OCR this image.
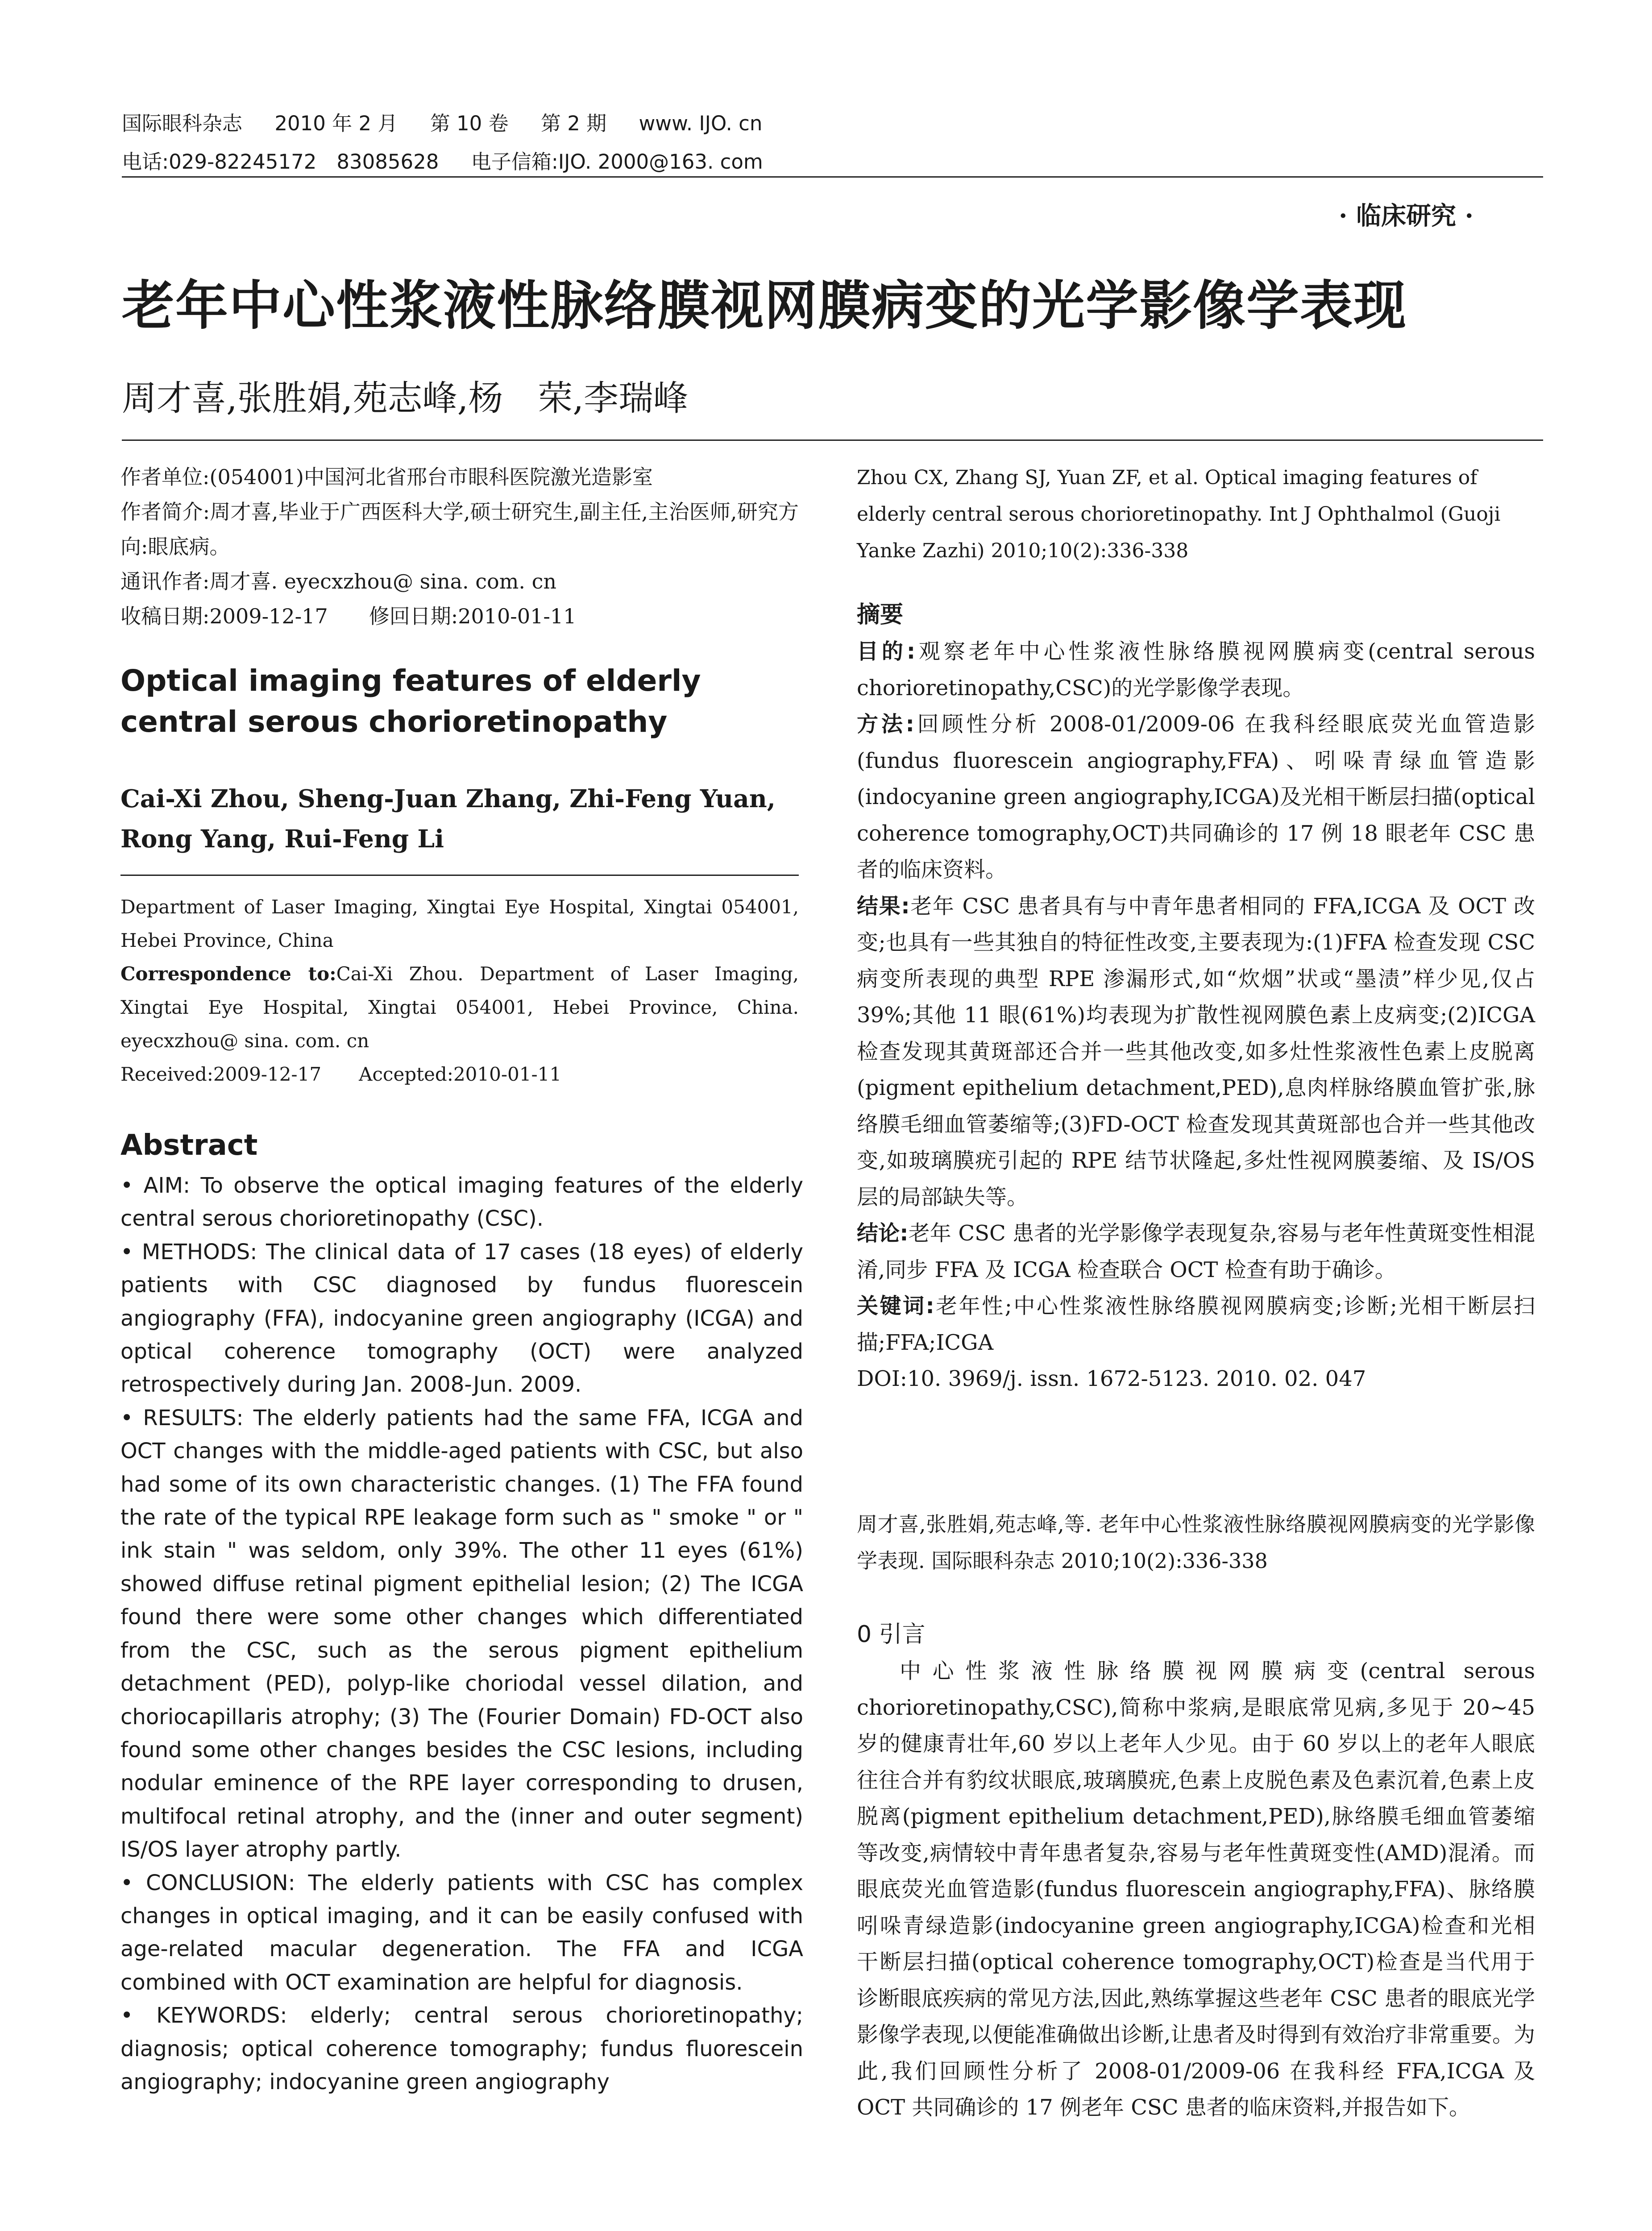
国际眼科杂志 2010 年 2 月 第 10 卷 第 2 期 www. IJO. cn
电话:029-82245172　83085628 电子信箱:IJO. 2000@163. com
· 临床研究 ·
老年中心性浆液性脉络膜视网膜病变的光学影像学表现
周才喜,张胜娟,苑志峰,杨　荣,李瑞峰

作者单位:(054001)中国河北省邢台市眼科医院激光造影室

作者简介:周才喜,毕业于广西医科大学,硕士研究生,副主任,主治医师,研究方向:眼底病。

通讯作者:周才喜. eyecxzhou@ sina. com. cn

收稿日期:2009-12-17　　修回日期:2010-01-11

Optical imaging features of elderly central serous chorioretinopathy
Cai-Xi Zhou, Sheng-Juan Zhang, Zhi-Feng Yuan, Rong Yang, Rui-Feng Li

Department of Laser Imaging, Xingtai Eye Hospital, Xingtai 054001, Hebei Province, China

Correspondence to:Cai-Xi Zhou. Department of Laser Imaging, Xingtai Eye Hospital, Xingtai 054001, Hebei Province, China. eyecxzhou@ sina. com. cn

Received:2009-12-17　　Accepted:2010-01-11

Abstract

• AIM: To observe the optical imaging features of the elderly central serous chorioretinopathy (CSC).

• METHODS: The clinical data of 17 cases (18 eyes) of elderly patients with CSC diagnosed by fundus fluorescein angiography (FFA), indocyanine green angiography (ICGA) and optical coherence tomography (OCT) were analyzed retrospectively during Jan. 2008-Jun. 2009.

• RESULTS: The elderly patients had the same FFA, ICGA and OCT changes with the middle-aged patients with CSC, but also had some of its own characteristic changes. (1) The FFA found the rate of the typical RPE leakage form such as " smoke " or " ink stain " was seldom, only 39%. The other 11 eyes (61%) showed diffuse retinal pigment epithelial lesion; (2) The ICGA found there were some other changes which differentiated from the CSC, such as the serous pigment epithelium detachment (PED), polyp-like choriodal vessel dilation, and choriocapillaris atrophy; (3) The (Fourier Domain) FD-OCT also found some other changes besides the CSC lesions, including nodular eminence of the RPE layer corresponding to drusen, multifocal retinal atrophy, and the (inner and outer segment) IS/OS layer atrophy partly.

• CONCLUSION: The elderly patients with CSC has complex changes in optical imaging, and it can be easily confused with age-related macular degeneration. The FFA and ICGA combined with OCT examination are helpful for diagnosis.

• KEYWORDS: elderly; central serous chorioretinopathy; diagnosis; optical coherence tomography; fundus fluorescein angiography; indocyanine green angiography

Zhou CX, Zhang SJ, Yuan ZF, et al. Optical imaging features of elderly central serous chorioretinopathy. Int J Ophthalmol (Guoji Yanke Zazhi) 2010;10(2):336-338
摘要

目的:观察老年中心性浆液性脉络膜视网膜病变(central serous chorioretinopathy,CSC)的光学影像学表现。

方法:回顾性分析 2008-01/2009-06 在我科经眼底荧光血管造影(fundus fluorescein angiography,FFA)、吲哚青绿血管造影(indocyanine green angiography,ICGA)及光相干断层扫描(optical coherence tomography,OCT)共同确诊的 17 例 18 眼老年 CSC 患者的临床资料。

结果:老年 CSC 患者具有与中青年患者相同的 FFA,ICGA 及 OCT 改变;也具有一些其独自的特征性改变,主要表现为:(1)FFA 检查发现 CSC 病变所表现的典型 RPE 渗漏形式,如“炊烟”状或“墨渍”样少见,仅占 39%;其他 11 眼(61%)均表现为扩散性视网膜色素上皮病变;(2)ICGA 检查发现其黄斑部还合并一些其他改变,如多灶性浆液性色素上皮脱离(pigment epithelium detachment,PED),息肉样脉络膜血管扩张,脉络膜毛细血管萎缩等;(3)FD-OCT 检查发现其黄斑部也合并一些其他改变,如玻璃膜疣引起的 RPE 结节状隆起,多灶性视网膜萎缩、及 IS/OS 层的局部缺失等。

结论:老年 CSC 患者的光学影像学表现复杂,容易与老年性黄斑变性相混淆,同步 FFA 及 ICGA 检查联合 OCT 检查有助于确诊。

关键词:老年性;中心性浆液性脉络膜视网膜病变;诊断;光相干断层扫描;FFA;ICGA

DOI:10. 3969/j. issn. 1672-5123. 2010. 02. 047

周才喜,张胜娟,苑志峰,等. 老年中心性浆液性脉络膜视网膜病变的光学影像学表现. 国际眼科杂志 2010;10(2):336-338
0 引言

中心性浆液性脉络膜视网膜病变(central serous chorioretinopathy,CSC),简称中浆病,是眼底常见病,多见于 20~45 岁的健康青壮年,60 岁以上老年人少见。由于 60 岁以上的老年人眼底往往合并有豹纹状眼底,玻璃膜疣,色素上皮脱色素及色素沉着,色素上皮脱离(pigment epithelium detachment,PED),脉络膜毛细血管萎缩等改变,病情较中青年患者复杂,容易与老年性黄斑变性(AMD)混淆。而眼底荧光血管造影(fundus fluorescein angiography,FFA)、脉络膜吲哚青绿造影(indocyanine green angiography,ICGA)检查和光相干断层扫描(optical coherence tomography,OCT)检查是当代用于诊断眼底疾病的常见方法,因此,熟练掌握这些老年 CSC 患者的眼底光学影像学表现,以便能准确做出诊断,让患者及时得到有效治疗非常重要。为此,我们回顾性分析了 2008-01/2009-06 在我科经 FFA,ICGA 及 OCT 共同确诊的 17 例老年 CSC 患者的临床资料,并报告如下。
